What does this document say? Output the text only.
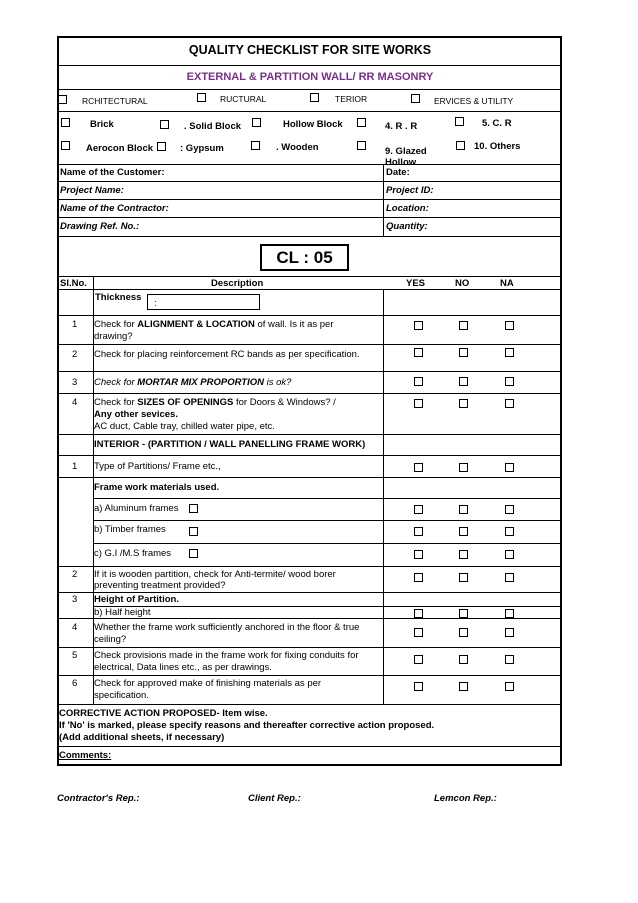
QUALITY CHECKLIST FOR SITE WORKS
EXTERNAL & PARTITION WALL/ RR MASONRY
RCHITECTURAL	RUCTURAL	TERIOR	ERVICES & UTILITY
Brick	. Solid Block	Hollow Block	4. R . R	5. C. R
Aerocon Block	: Gypsum	. Wooden	9. Glazed
Hollow
10. Others
Name of the Customer:	Date:
Project Name:	Project ID:
Name of the Contractor:	Location:
Drawing Ref. No.:	Quantity:
CL : 05
Sl.No.	Description	YES	NO	NA
Thickness
:
1 Check for ALIGNMENT & LOCATION of wall. Is it as per
drawing?
2 Check for placing reinforcement RC bands as per specification.
3 Check for MORTAR MIX PROPORTION is ok?
4 Check for SIZES OF OPENINGS for Doors & Windows? /
Any other sevices.
AC duct, Cable tray, chilled water pipe, etc.
INTERIOR - (PARTITION / WALL PANELLING FRAME WORK)
1 Type of Partitions/ Frame etc.,
Frame work materials used.
a) Aluminum frames
b) Timber frames
c) G.I /M.S frames
2 If it is wooden partition, check for Anti-termite/ wood borer
preventing treatment provided?
3 Height of Partition.
b) Half height
4 Whether the frame work sufficiently anchored in the floor & true
ceiling?
5 Check provisions made in the frame work for fixing conduits for
electrical, Data lines etc., as per drawings.
6 Check for approved make of finishing materials as per
specification.
CORRECTIVE ACTION PROPOSED- Item wise.
If 'No' is marked, please specify reasons and thereafter corrective action proposed.
(Add additional sheets, if necessary)
Comments:
Contractor's Rep.:	Client Rep.:	Lemcon Rep.:
